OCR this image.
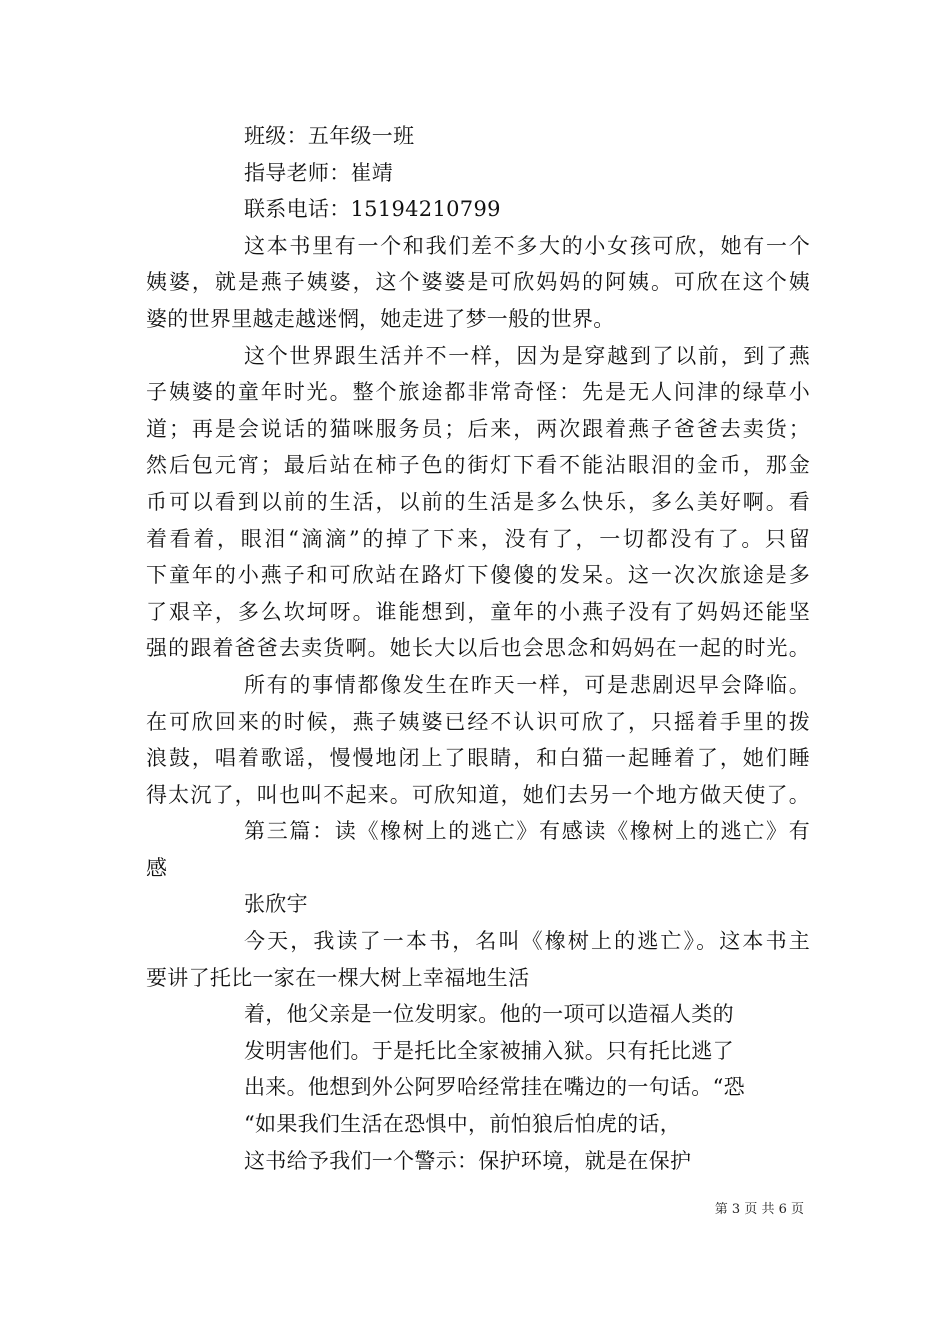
班级：五年级一班
指导老师：崔靖
联系电话：15194210799
这本书里有一个和我们差不多大的小女孩可欣，她有一个
姨婆，就是燕子姨婆，这个婆婆是可欣妈妈的阿姨。可欣在这个姨
婆的世界里越走越迷惘，她走进了梦一般的世界。
这个世界跟生活并不一样，因为是穿越到了以前，到了燕
子姨婆的童年时光。整个旅途都非常奇怪：先是无人问津的绿草小
道；再是会说话的猫咪服务员；后来，两次跟着燕子爸爸去卖货；
然后包元宵；最后站在柿子色的街灯下看不能沾眼泪的金币，那金
币可以看到以前的生活，以前的生活是多么快乐，多么美好啊。看
着看着，眼泪“滴滴”的掉了下来，没有了，一切都没有了。只留
下童年的小燕子和可欣站在路灯下傻傻的发呆。这一次次旅途是多
了艰辛，多么坎坷呀。谁能想到，童年的小燕子没有了妈妈还能坚
强的跟着爸爸去卖货啊。她长大以后也会思念和妈妈在一起的时光。
所有的事情都像发生在昨天一样，可是悲剧迟早会降临。
在可欣回来的时候，燕子姨婆已经不认识可欣了，只摇着手里的拨
浪鼓，唱着歌谣，慢慢地闭上了眼睛，和白猫一起睡着了，她们睡
得太沉了，叫也叫不起来。可欣知道，她们去另一个地方做天使了。
第三篇：读《橡树上的逃亡》有感读《橡树上的逃亡》有
感
张欣宇
今天，我读了一本书，名叫《橡树上的逃亡》。这本书主
要讲了托比一家在一棵大树上幸福地生活
着，他父亲是一位发明家。他的一项可以造福人类的
发明害他们。于是托比全家被捕入狱。只有托比逃了
出来。他想到外公阿罗哈经常挂在嘴边的一句话。“恐
“如果我们生活在恐惧中，前怕狼后怕虎的话，
这书给予我们一个警示：保护环境，就是在保护
第 3 页 共 6 页
